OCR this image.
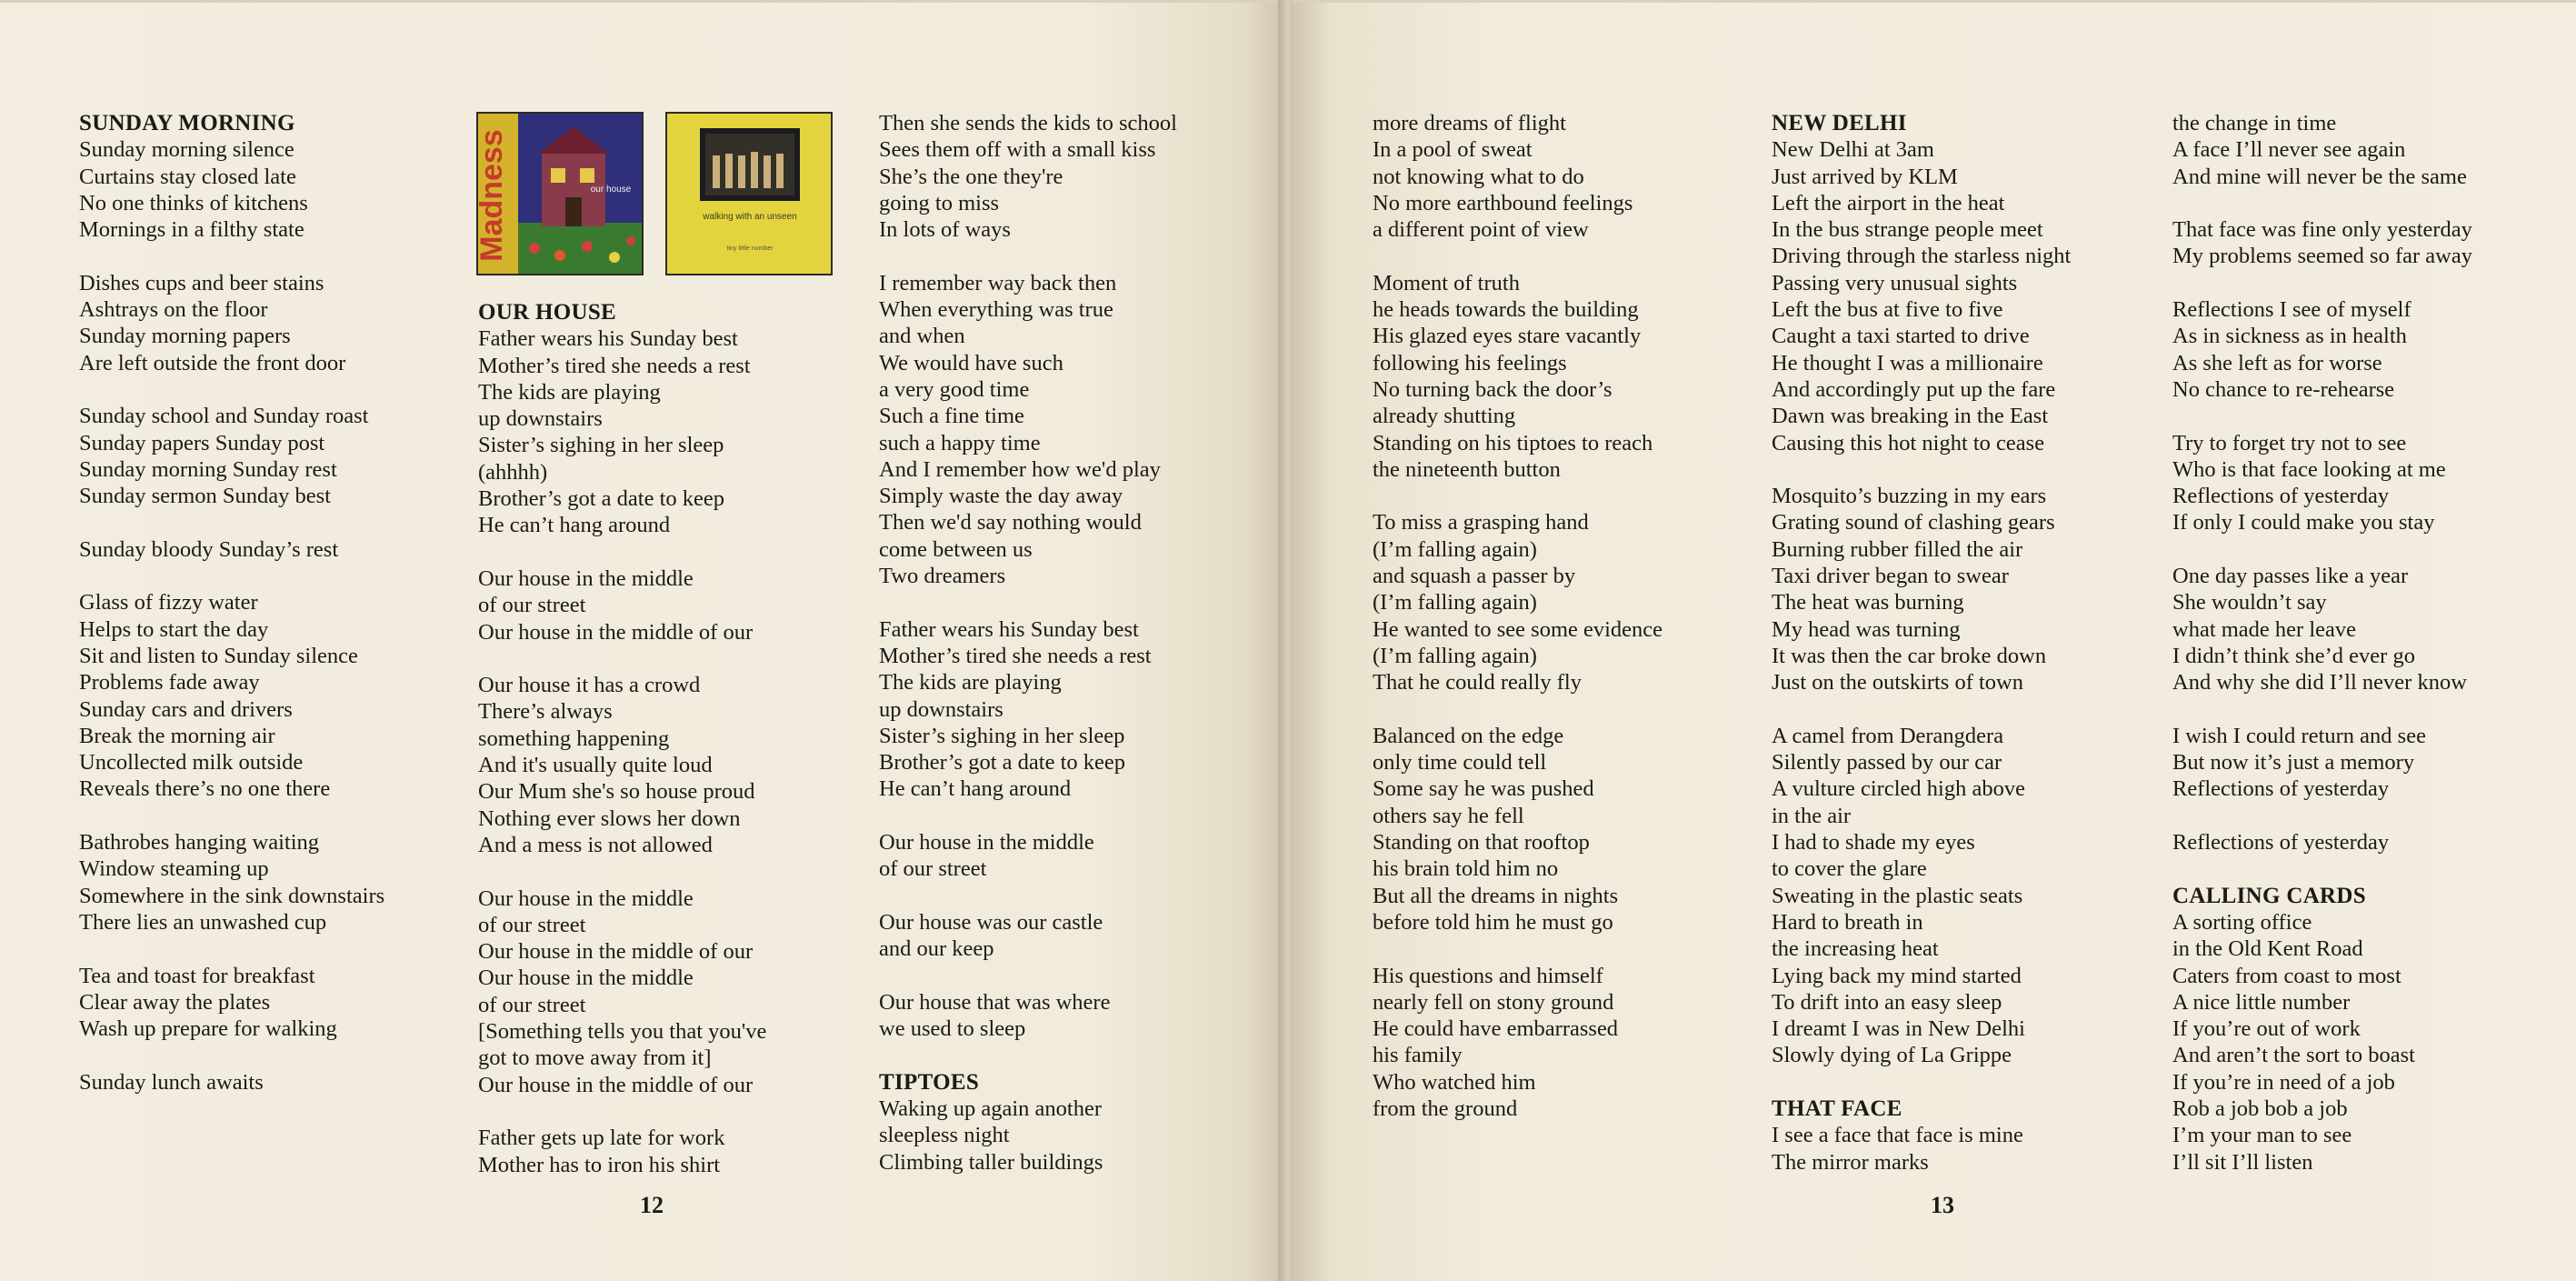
SUNDAY MORNING

Sunday morning silence
Curtains stay closed late
No one thinks of kitchens
Mornings in a filthy state

Dishes cups and beer stains
Ashtrays on the floor
Sunday morning papers
Are left outside the front door

Sunday school and Sunday roast
Sunday papers Sunday post
Sunday morning Sunday rest
Sunday sermon Sunday best

Sunday bloody Sunday’s rest

Glass of fizzy water
Helps to start the day
Sit and listen to Sunday silence
Problems fade away
Sunday cars and drivers
Break the morning air
Uncollected milk outside
Reveals there’s no one there

Bathrobes hanging waiting
Window steaming up
Somewhere in the sink downstairs
There lies an unwashed cup

Tea and toast for breakfast
Clear away the plates
Wash up prepare for walking

Sunday lunch awaits

Madness	our house
walking with an unseen
tiny little number
OUR HOUSE

Father wears his Sunday best
Mother’s tired she needs a rest
The kids are playing
up downstairs
Sister’s sighing in her sleep
(ahhhh)
Brother’s got a date to keep
He can’t hang around

Our house in the middle
of our street
Our house in the middle of our

Our house it has a crowd
There’s always
something happening
And it's usually quite loud
Our Mum she's so house proud
Nothing ever slows her down
And a mess is not allowed

Our house in the middle
of our street
Our house in the middle of our
Our house in the middle
of our street
[Something tells you that you've
got to move away from it]
Our house in the middle of our

Father gets up late for work
Mother has to iron his shirt

Then she sends the kids to school
Sees them off with a small kiss
She’s the one they're
going to miss
In lots of ways

I remember way back then
When everything was true
and when
We would have such
a very good time
Such a fine time
such a happy time
And I remember how we'd play
Simply waste the day away
Then we'd say nothing would
come between us
Two dreamers

Father wears his Sunday best
Mother’s tired she needs a rest
The kids are playing
up downstairs
Sister’s sighing in her sleep
Brother’s got a date to keep
He can’t hang around

Our house in the middle
of our street

Our house was our castle
and our keep

Our house that was where
we used to sleep

TIPTOES

Waking up again another
sleepless night
Climbing taller buildings

12

more dreams of flight
In a pool of sweat
not knowing what to do
No more earthbound feelings
a different point of view

Moment of truth
he heads towards the building
His glazed eyes stare vacantly
following his feelings
No turning back the door’s
already shutting
Standing on his tiptoes to reach
the nineteenth button

To miss a grasping hand
(I’m falling again)
and squash a passer by
(I’m falling again)
He wanted to see some evidence
(I’m falling again)
That he could really fly

Balanced on the edge
only time could tell
Some say he was pushed
others say he fell
Standing on that rooftop
his brain told him no
But all the dreams in nights
before told him he must go

His questions and himself
nearly fell on stony ground
He could have embarrassed
his family
Who watched him
from the ground

NEW DELHI

New Delhi at 3am
Just arrived by KLM
Left the airport in the heat
In the bus strange people meet
Driving through the starless night
Passing very unusual sights
Left the bus at five to five
Caught a taxi started to drive
He thought I was a millionaire
And accordingly put up the fare
Dawn was breaking in the East
Causing this hot night to cease

Mosquito’s buzzing in my ears
Grating sound of clashing gears
Burning rubber filled the air
Taxi driver began to swear
The heat was burning
My head was turning
It was then the car broke down
Just on the outskirts of town

A camel from Derangdera
Silently passed by our car
A vulture circled high above
in the air
I had to shade my eyes
to cover the glare
Sweating in the plastic seats
Hard to breath in
the increasing heat
Lying back my mind started
To drift into an easy sleep
I dreamt I was in New Delhi
Slowly dying of La Grippe

THAT FACE

I see a face that face is mine
The mirror marks

the change in time
A face I’ll never see again
And mine will never be the same

That face was fine only yesterday
My problems seemed so far away

Reflections I see of myself
As in sickness as in health
As she left as for worse
No chance to re-rehearse

Try to forget try not to see
Who is that face looking at me
Reflections of yesterday
If only I could make you stay

One day passes like a year
She wouldn’t say
what made her leave
I didn’t think she’d ever go
And why she did I’ll never know

I wish I could return and see
But now it’s just a memory
Reflections of yesterday

Reflections of yesterday

CALLING CARDS

A sorting office
in the Old Kent Road
Caters from coast to most
A nice little number
If you’re out of work
And aren’t the sort to boast
If you’re in need of a job
Rob a job bob a job
I’m your man to see
I’ll sit I’ll listen

13
